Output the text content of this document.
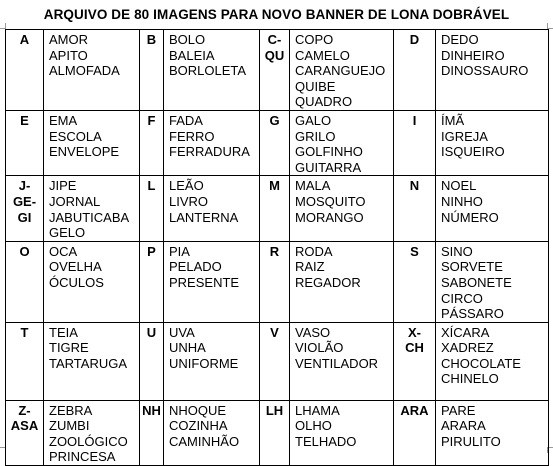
ARQUIVO DE 80 IMAGENS PARA NOVO BANNER DE LONA DOBRÁVEL
A	AMOR
APITO
ALMOFADA	B	BOLO
BALEIA
BORLOLETA	C-
QU	COPO
CAMELO
CARANGUEJO
QUIBE
QUADRO	D	DEDO
DINHEIRO
DINOSSAURO

E	EMA
ESCOLA
ENVELOPE	F	FADA
FERRO
FERRADURA	G	GALO
GRILO
GOLFINHO
GUITARRA	I	ÍMÃ
IGREJA
ISQUEIRO

J-
GE-
GI	JIPE
JORNAL
JABUTICABA
GELO	L	LEÃO
LIVRO
LANTERNA	M	MALA
MOSQUITO
MORANGO	N	NOEL
NINHO
NÚMERO

O	OCA
OVELHA
ÓCULOS	P	PIA
PELADO
PRESENTE	R	RODA
RAIZ
REGADOR	S	SINO
SORVETE
SABONETE
CIRCO
PÁSSARO

T	TEIA
TIGRE
TARTARUGA	U	UVA
UNHA
UNIFORME	V	VASO
VIOLÃO
VENTILADOR	X-
CH	XÍCARA
XADREZ
CHOCOLATE
CHINELO

Z-
ASA	ZEBRA
ZUMBI
ZOOLÓGICO
PRINCESA	NH	NHOQUE
COZINHA
CAMINHÃO	LH	LHAMA
OLHO
TELHADO	ARA	PARE
ARARA
PIRULITO
